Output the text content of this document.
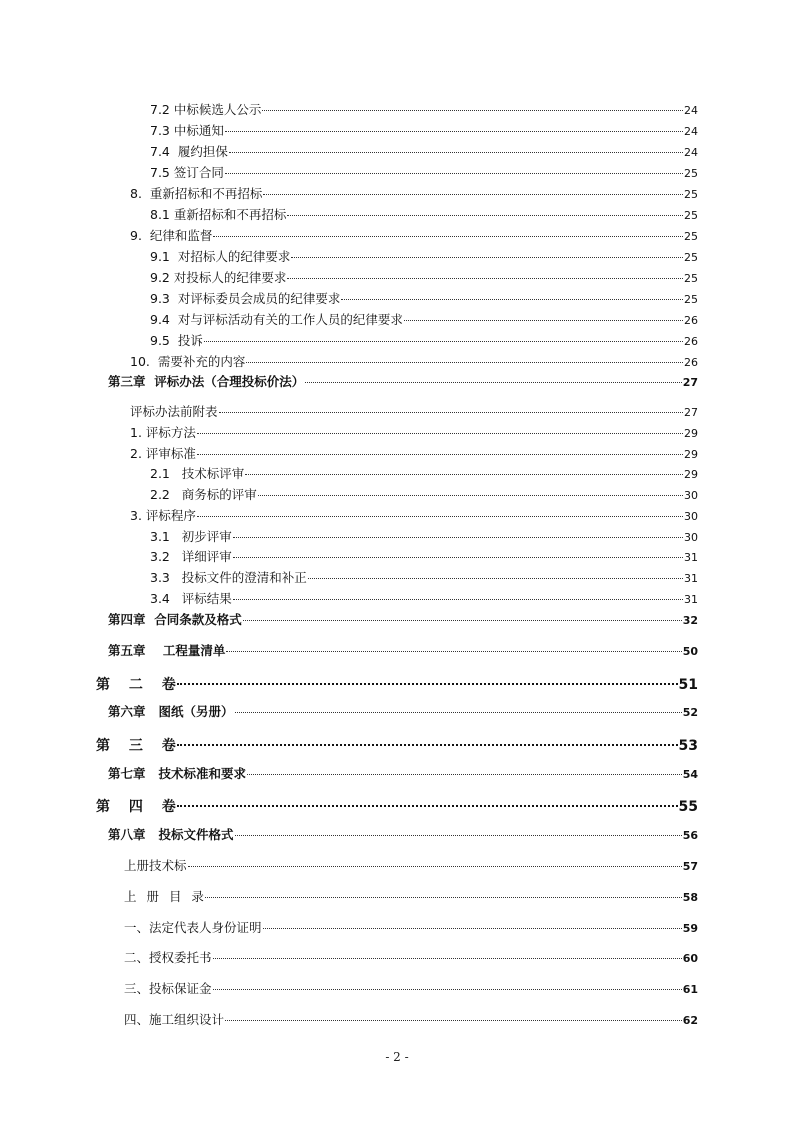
7.2 中标候选人公示	24
7.3 中标通知	24
7.4  履约担保	24
7.5 签订合同	25
8.  重新招标和不再招标	25
8.1 重新招标和不再招标	25
9.  纪律和监督	25
9.1  对招标人的纪律要求	25
9.2 对投标人的纪律要求	25
9.3  对评标委员会成员的纪律要求	25
9.4  对与评标活动有关的工作人员的纪律要求	26
9.5  投诉	26
10.  需要补充的内容	26
第三章  评标办法（合理投标价法）	27
评标办法前附表	27
1. 评标方法	29
2. 评审标准	29
2.1   技术标评审	29
2.2   商务标的评审	30
3. 评标程序	30
3.1   初步评审	30
3.2   详细评审	31
3.3   投标文件的澄清和补正	31
3.4   评标结果	31
第四章  合同条款及格式	32
第五章    工程量清单	50
第 二 卷	51
第六章   图纸（另册）	52
第 三 卷	53
第七章   技术标准和要求	54
第 四 卷	55
第八章   投标文件格式	56
上册技术标	57
上 册 目 录	58
一、法定代表人身份证明	59
二、授权委托书	60
三、投标保证金	61
四、施工组织设计	62
- 2 -
